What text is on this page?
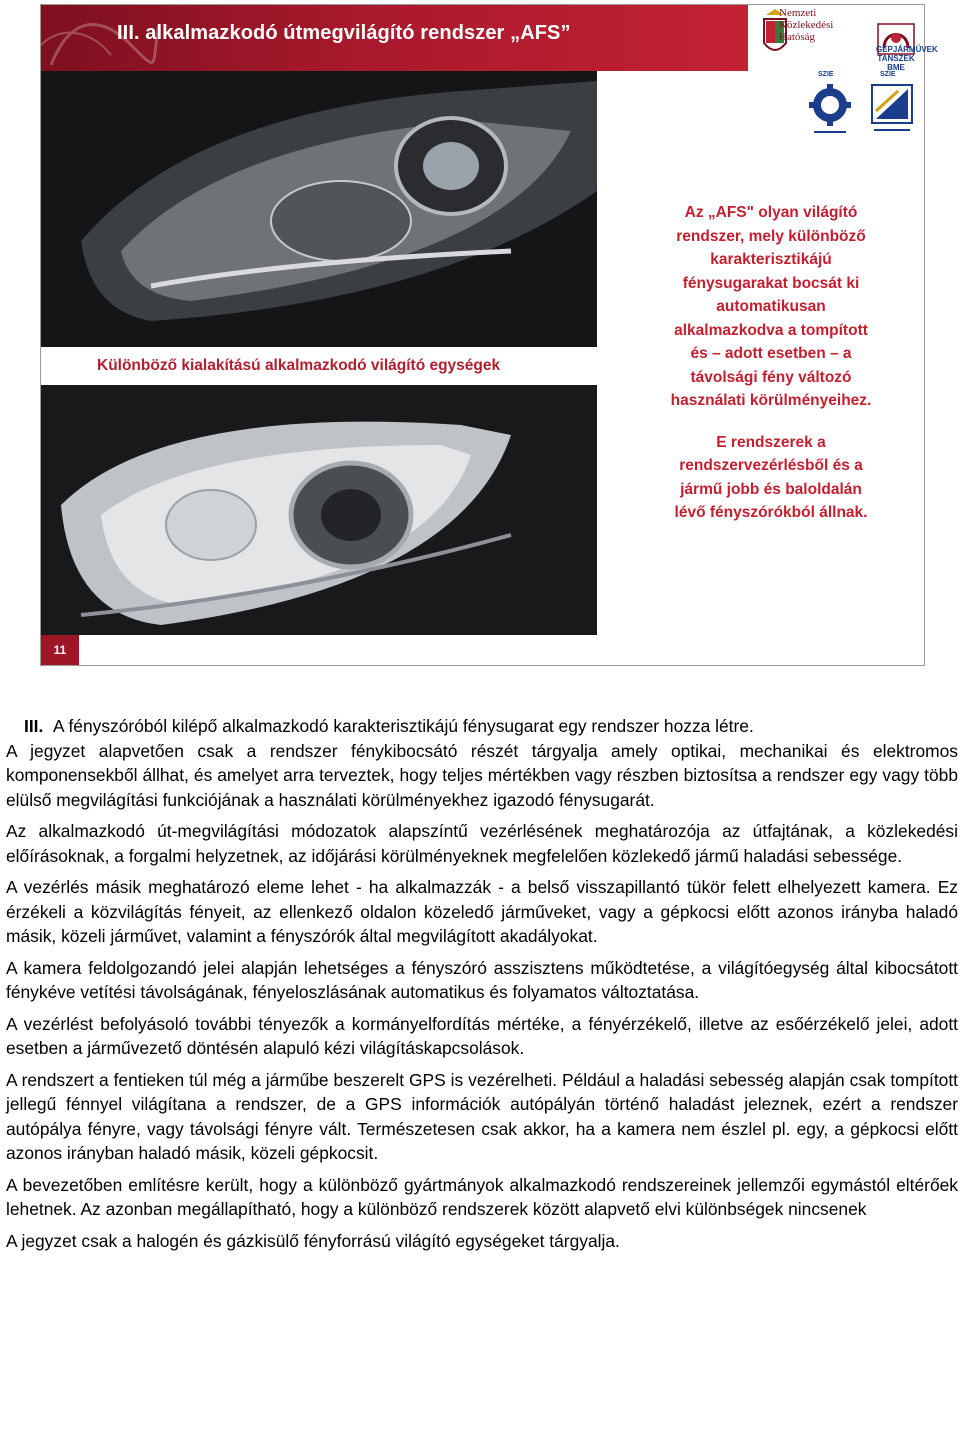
III. alkalmazkodó útmegvilágító rendszer „AFS”
Nemzeti
Közlekedési
Hatóság
GÉPJÁRMŰVEK TANSZÉK BME
SZIE	SZIE
Különböző kialakítású alkalmazkodó világító egységek
Az „AFS" olyan világító
rendszer, mely különböző
karakterisztikájú
fénysugarakat bocsát ki
automatikusan
alkalmazkodva a tompított
és – adott esetben – a
távolsági fény változó
használati körülményeihez.
E rendszerek a
rendszervezérlésből és a
jármű jobb és baloldalán
lévő fényszórókból állnak.
11

III. A fényszóróból kilépő alkalmazkodó karakterisztikájú fénysugarat egy rendszer hozza létre.

A jegyzet alapvetően csak a rendszer fénykibocsátó részét tárgyalja amely optikai, mechanikai és elektromos komponensekből állhat, és amelyet arra terveztek, hogy teljes mértékben vagy részben biztosítsa a rendszer egy vagy több elülső megvilágítási funkciójának a használati körülményekhez igazodó fénysugarát.

Az alkalmazkodó út-megvilágítási módozatok alapszíntű vezérlésének meghatározója az útfajtának, a közlekedési előírásoknak, a forgalmi helyzetnek, az időjárási körülményeknek megfelelően közlekedő jármű haladási sebessége.

A vezérlés másik meghatározó eleme lehet - ha alkalmazzák - a belső visszapillantó tükör felett elhelyezett kamera. Ez érzékeli a közvilágítás fényeit, az ellenkező oldalon közeledő járműveket, vagy a gépkocsi előtt azonos irányba haladó másik, közeli járművet, valamint a fényszórók által megvilágított akadályokat.

A kamera feldolgozandó jelei alapján lehetséges a fényszóró asszisztens működtetése, a világítóegység által kibocsátott fénykéve vetítési távolságának, fényeloszlásának automatikus és folyamatos változtatása.

A vezérlést befolyásoló további tényezők a kormányelfordítás mértéke, a fényérzékelő, illetve az esőérzékelő jelei, adott esetben a járművezető döntésén alapuló kézi világításkapcsolások.

A rendszert a fentieken túl még a járműbe beszerelt GPS is vezérelheti. Például a haladási sebesség alapján csak tompított jellegű fénnyel világítana a rendszer, de a GPS információk autópályán történő haladást jeleznek, ezért a rendszer autópálya fényre, vagy távolsági fényre vált. Természetesen csak akkor, ha a kamera nem észlel pl. egy, a gépkocsi előtt azonos irányban haladó másik, közeli gépkocsit.

A bevezetőben említésre került, hogy a különböző gyártmányok alkalmazkodó rendszereinek jellemzői egymástól eltérőek lehetnek. Az azonban megállapítható, hogy a különböző rendszerek között alapvető elvi különbségek nincsenek

A jegyzet csak a halogén és gázkisülő fényforrású világító egységeket tárgyalja.
